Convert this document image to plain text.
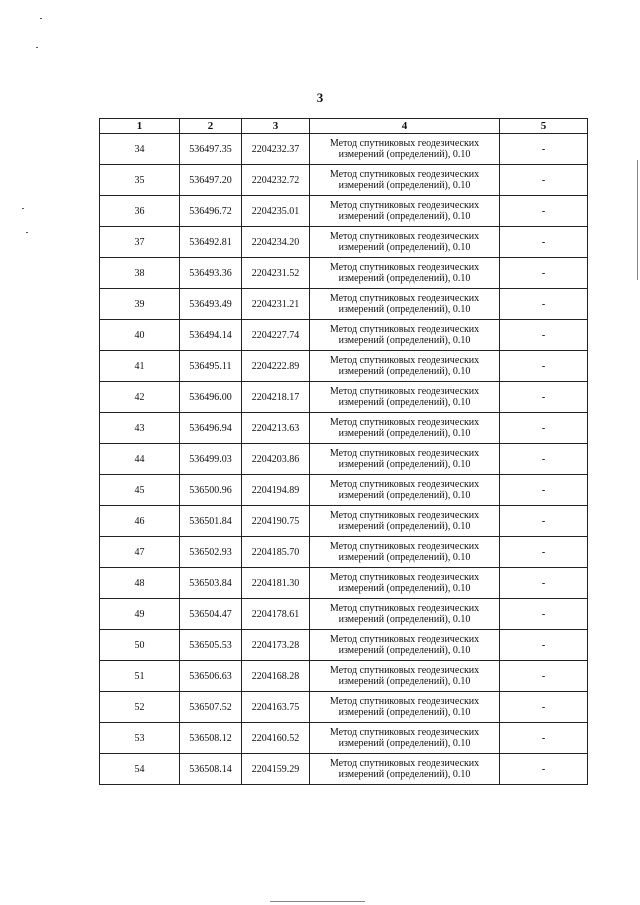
3
1	2	3	4	5
34	536497.35	2204232.37	Метод спутниковых геодезических измерений (определений), 0.10	-
35	536497.20	2204232.72	Метод спутниковых геодезических измерений (определений), 0.10	-
36	536496.72	2204235.01	Метод спутниковых геодезических измерений (определений), 0.10	-
37	536492.81	2204234.20	Метод спутниковых геодезических измерений (определений), 0.10	-
38	536493.36	2204231.52	Метод спутниковых геодезических измерений (определений), 0.10	-
39	536493.49	2204231.21	Метод спутниковых геодезических измерений (определений), 0.10	-
40	536494.14	2204227.74	Метод спутниковых геодезических измерений (определений), 0.10	-
41	536495.11	2204222.89	Метод спутниковых геодезических измерений (определений), 0.10	-
42	536496.00	2204218.17	Метод спутниковых геодезических измерений (определений), 0.10	-
43	536496.94	2204213.63	Метод спутниковых геодезических измерений (определений), 0.10	-
44	536499.03	2204203.86	Метод спутниковых геодезических измерений (определений), 0.10	-
45	536500.96	2204194.89	Метод спутниковых геодезических измерений (определений), 0.10	-
46	536501.84	2204190.75	Метод спутниковых геодезических измерений (определений), 0.10	-
47	536502.93	2204185.70	Метод спутниковых геодезических измерений (определений), 0.10	-
48	536503.84	2204181.30	Метод спутниковых геодезических измерений (определений), 0.10	-
49	536504.47	2204178.61	Метод спутниковых геодезических измерений (определений), 0.10	-
50	536505.53	2204173.28	Метод спутниковых геодезических измерений (определений), 0.10	-
51	536506.63	2204168.28	Метод спутниковых геодезических измерений (определений), 0.10	-
52	536507.52	2204163.75	Метод спутниковых геодезических измерений (определений), 0.10	-
53	536508.12	2204160.52	Метод спутниковых геодезических измерений (определений), 0.10	-
54	536508.14	2204159.29	Метод спутниковых геодезических измерений (определений), 0.10	-
